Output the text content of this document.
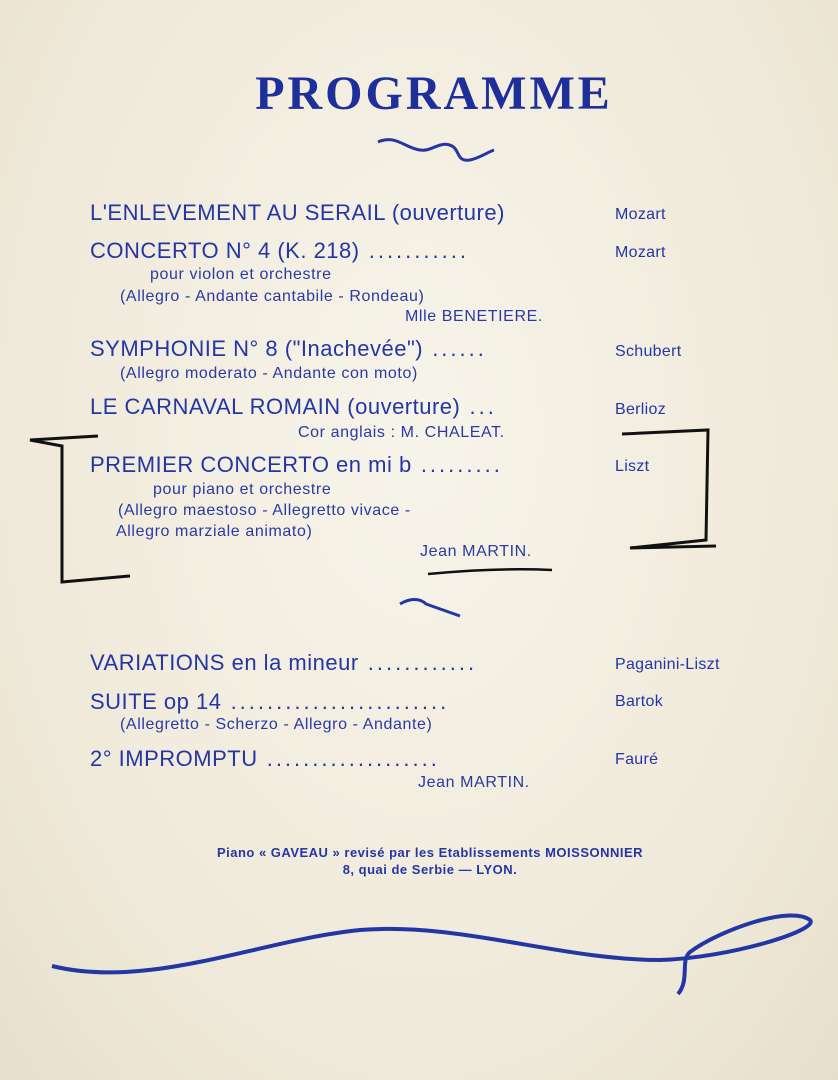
PROGRAMME
L'ENLEVEMENT AU SERAIL (ouverture)	Mozart
CONCERTO N° 4 (K. 218) ...........	Mozart
pour violon et orchestre
(Allegro - Andante cantabile - Rondeau)
Mlle BENETIERE.
SYMPHONIE N° 8 ("Inachevée") ......	Schubert
(Allegro moderato - Andante con moto)
LE CARNAVAL ROMAIN (ouverture) ...	Berlioz
Cor anglais : M. CHALEAT.
PREMIER CONCERTO en mi b .........	Liszt
pour piano et orchestre
(Allegro maestoso - Allegretto vivace -
Allegro marziale animato)
Jean MARTIN.
VARIATIONS en la mineur ............	Paganini-Liszt
SUITE op 14 ........................	Bartok
(Allegretto - Scherzo - Allegro - Andante)
2° IMPROMPTU ...................	Fauré
Jean MARTIN.
Piano « GAVEAU » revisé par les Etablissements MOISSONNIER
8, quai de Serbie — LYON.
